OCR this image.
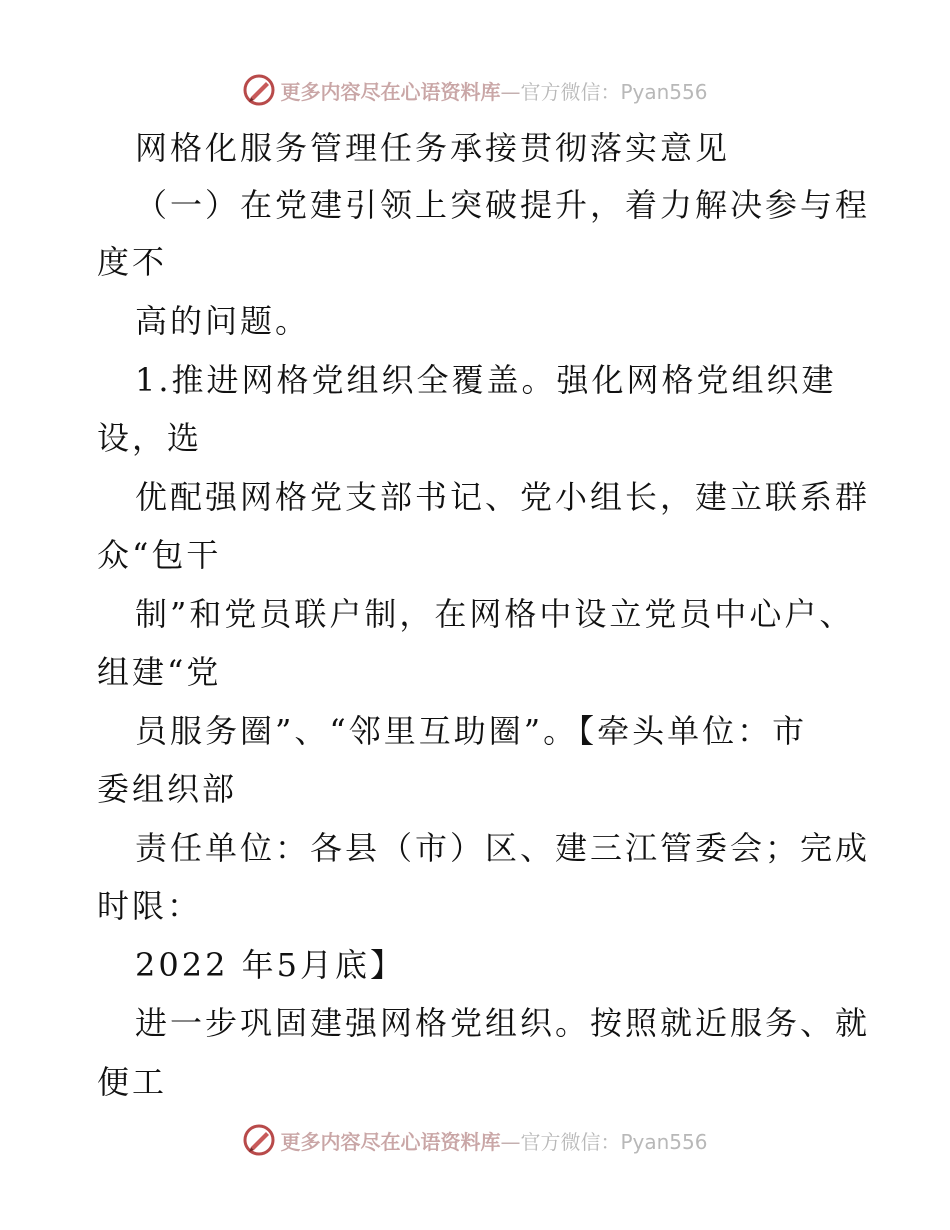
更多内容尽在心语资料库—官方微信：Pyan556
网格化服务管理任务承接贯彻落实意见
（一）在党建引领上突破提升，着力解决参与程
度不
高的问题。
1.推进网格党组织全覆盖。强化网格党组织建
设，选
优配强网格党支部书记、党小组长，建立联系群
众“包干
制”和党员联户制，在网格中设立党员中心户、
组建“党
员服务圈”、“邻里互助圈”。【牵头单位：市
委组织部
责任单位：各县（市）区、建三江管委会；完成
时限：
2022 年5月底】
进一步巩固建强网格党组织。按照就近服务、就
便工
更多内容尽在心语资料库—官方微信：Pyan556
